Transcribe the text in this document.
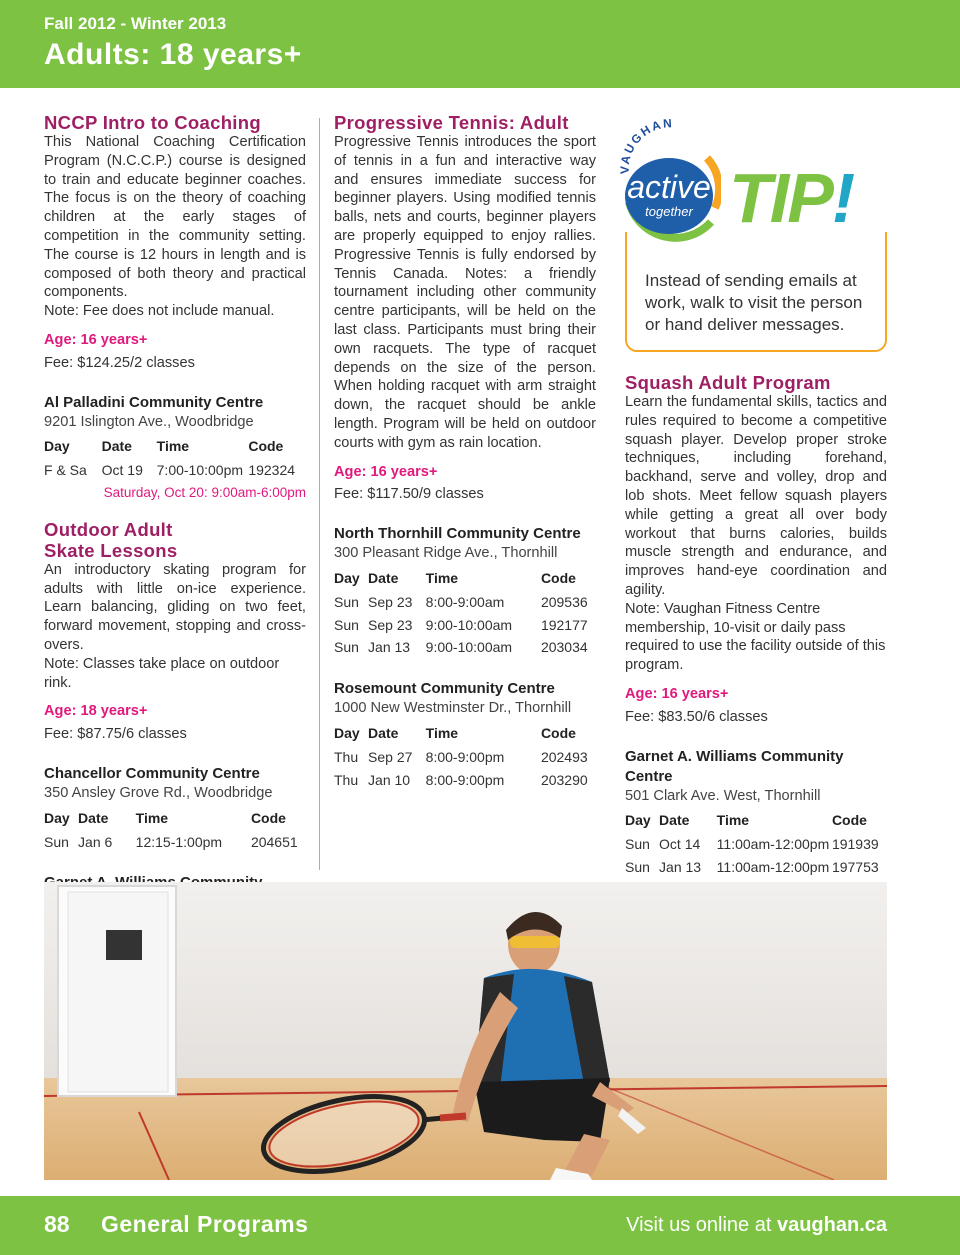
Fall 2012 - Winter 2013
Adults: 18 years+
NCCP Intro to Coaching

This National Coaching Certification Program (N.C.C.P.) course is designed to train and educate beginner coaches. The focus is on the theory of coaching children at the early stages of competition in the community setting. The course is 12 hours in length and is composed of both theory and practical components.

Note: Fee does not include manual.
Age: 16 years+
Fee: $124.25/2 classes
Al Palladini Community Centre
9201 Islington Ave., Woodbridge
Day	Date	Time	Code
F & Sa	Oct 19	7:00-10:00pm	192324
Saturday, Oct 20: 9:00am-6:00pm
Outdoor Adult
Skate Lessons

An introductory skating program for adults with little on-ice experience. Learn balancing, gliding on two feet, forward movement, stopping and cross-overs.

Note: Classes take place on outdoor rink.
Age: 18 years+
Fee: $87.75/6 classes
Chancellor Community Centre
350 Ansley Grove Rd., Woodbridge
Day	Date	Time	Code
Sun	Jan 6	12:15-1:00pm	204651

Progressive Tennis: Adult

Progressive Tennis introduces the sport of tennis in a fun and interactive way and ensures immediate success for beginner players. Using modified tennis balls, nets and courts, beginner players are properly equipped to enjoy rallies. Progressive Tennis is fully endorsed by Tennis Canada. Notes: a friendly tournament including other community centre participants, will be held on the last class. Participants must bring their own racquets. The type of racquet depends on the size of the person. When holding racquet with arm straight down, the racquet should be ankle length. Program will be held on outdoor courts with gym as rain location.

Age: 16 years+
Fee: $117.50/9 classes
North Thornhill Community Centre
300 Pleasant Ridge Ave., Thornhill
Day	Date	Time	Code
Sun	Sep 23	8:00-9:00am	209536
Sun	Sep 23	9:00-10:00am	192177
Sun	Jan 13	9:00-10:00am	203034
Rosemount Community Centre
1000 New Westminster Dr., Thornhill
Day	Date	Time	Code
Thu	Sep 27	8:00-9:00pm	202493
Thu	Jan 10	8:00-9:00pm	203290
VAUGHAN
active
together TIP!
Instead of sending emails at work, walk to visit the person or hand deliver messages.
Squash Adult Program

Learn the fundamental skills, tactics and rules required to become a competitive squash player. Develop proper stroke techniques, including forehand, backhand, serve and volley, drop and lob shots. Meet fellow squash players while getting a great all over body workout that burns calories, builds muscle strength and endurance, and improves hand-eye coordination and agility.

Note: Vaughan Fitness Centre membership, 10-visit or daily pass required to use the facility outside of this program.
Age: 16 years+
Fee: $83.50/6 classes
Garnet A. Williams Community Centre
501 Clark Ave. West, Thornhill
Day	Date	Time	Code
Sun	Oct 14	11:00am-12:00pm	191939
Sun	Jan 13	11:00am-12:00pm	197753
88 General Programs	Visit us online at vaughan.ca
